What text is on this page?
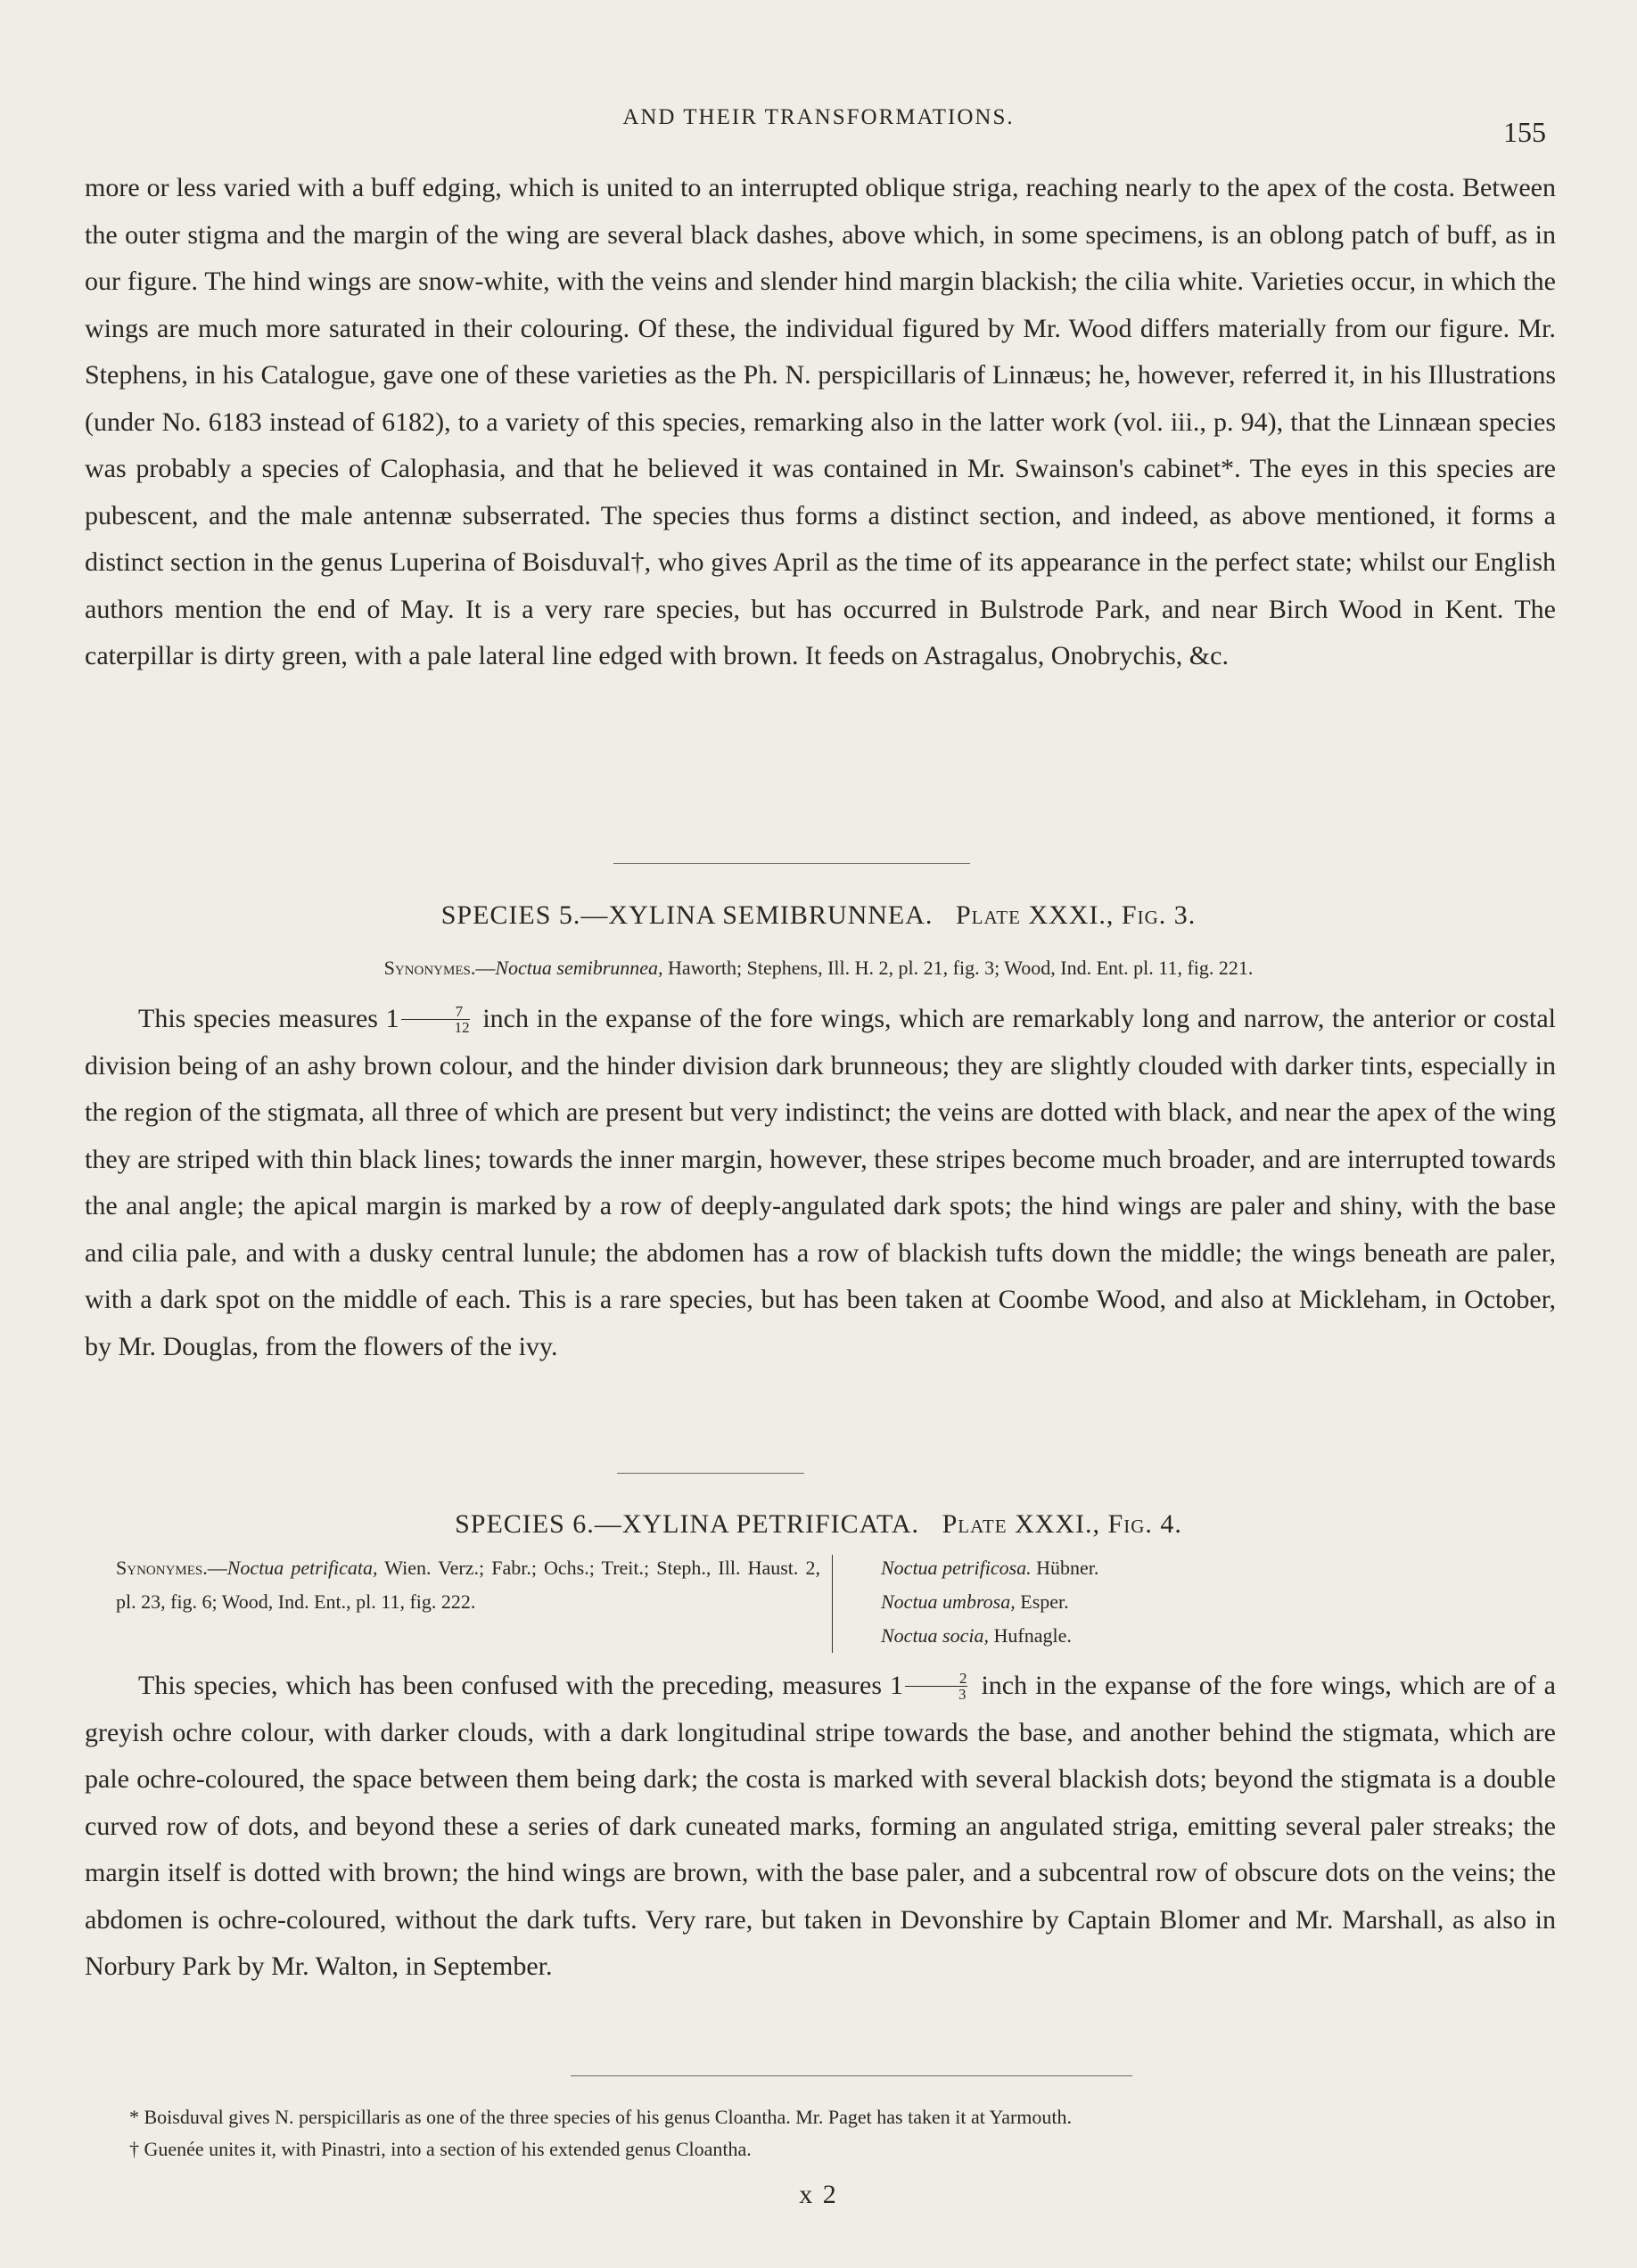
AND THEIR TRANSFORMATIONS.	155

more or less varied with a buff edging, which is united to an interrupted oblique striga, reaching nearly to the apex of the costa. Between the outer stigma and the margin of the wing are several black dashes, above which, in some specimens, is an oblong patch of buff, as in our figure. The hind wings are snow-white, with the veins and slender hind margin blackish; the cilia white. Varieties occur, in which the wings are much more saturated in their colouring. Of these, the individual figured by Mr. Wood differs materially from our figure. Mr. Stephens, in his Catalogue, gave one of these varieties as the Ph. N. perspicillaris of Linnæus; he, however, referred it, in his Illustrations (under No. 6183 instead of 6182), to a variety of this species, remarking also in the latter work (vol. iii., p. 94), that the Linnæan species was probably a species of Calophasia, and that he believed it was contained in Mr. Swainson's cabinet*. The eyes in this species are pubescent, and the male antennæ subserrated. The species thus forms a distinct section, and indeed, as above mentioned, it forms a distinct section in the genus Luperina of Boisduval†, who gives April as the time of its appearance in the perfect state; whilst our English authors mention the end of May. It is a very rare species, but has occurred in Bulstrode Park, and near Birch Wood in Kent. The caterpillar is dirty green, with a pale lateral line edged with brown. It feeds on Astragalus, Onobrychis, &c.

SPECIES 5.—XYLINA SEMIBRUNNEA. Plate XXXI., Fig. 3.
Synonymes.—Noctua semibrunnea, Haworth; Stephens, Ill. H. 2, pl. 21, fig. 3; Wood, Ind. Ent. pl. 11, fig. 221.

This species measures $1 \frac{7}{12}$ inch in the expanse of the fore wings, which are remarkably long and narrow, the anterior or costal division being of an ashy brown colour, and the hinder division dark brunneous; they are slightly clouded with darker tints, especially in the region of the stigmata, all three of which are present but very indistinct; the veins are dotted with black, and near the apex of the wing they are striped with thin black lines; towards the inner margin, however, these stripes become much broader, and are interrupted towards the anal angle; the apical margin is marked by a row of deeply-angulated dark spots; the hind wings are paler and shiny, with the base and cilia pale, and with a dusky central lunule; the abdomen has a row of blackish tufts down the middle; the wings beneath are paler, with a dark spot on the middle of each. This is a rare species, but has been taken at Coombe Wood, and also at Mickleham, in October, by Mr. Douglas, from the flowers of the ivy.

SPECIES 6.—XYLINA PETRIFICATA. Plate XXXI., Fig. 4.
Synonymes.—Noctua petrificata, Wien. Verz.; Fabr.; Ochs.; Treit.; Steph., Ill. Haust. 2, pl. 23, fig. 6; Wood, Ind. Ent., pl. 11, fig. 222.
Noctua petrificosa. Hübner.
Noctua umbrosa, Esper.
Noctua socia, Hufnagle.

This species, which has been confused with the preceding, measures $1 \frac{2}{3}$ inch in the expanse of the fore wings, which are of a greyish ochre colour, with darker clouds, with a dark longitudinal stripe towards the base, and another behind the stigmata, which are pale ochre-coloured, the space between them being dark; the costa is marked with several blackish dots; beyond the stigmata is a double curved row of dots, and beyond these a series of dark cuneated marks, forming an angulated striga, emitting several paler streaks; the margin itself is dotted with brown; the hind wings are brown, with the base paler, and a subcentral row of obscure dots on the veins; the abdomen is ochre-coloured, without the dark tufts. Very rare, but taken in Devonshire by Captain Blomer and Mr. Marshall, as also in Norbury Park by Mr. Walton, in September.

* Boisduval gives N. perspicillaris as one of the three species of his genus Cloantha. Mr. Paget has taken it at Yarmouth.
† Guenée unites it, with Pinastri, into a section of his extended genus Cloantha.
x 2
